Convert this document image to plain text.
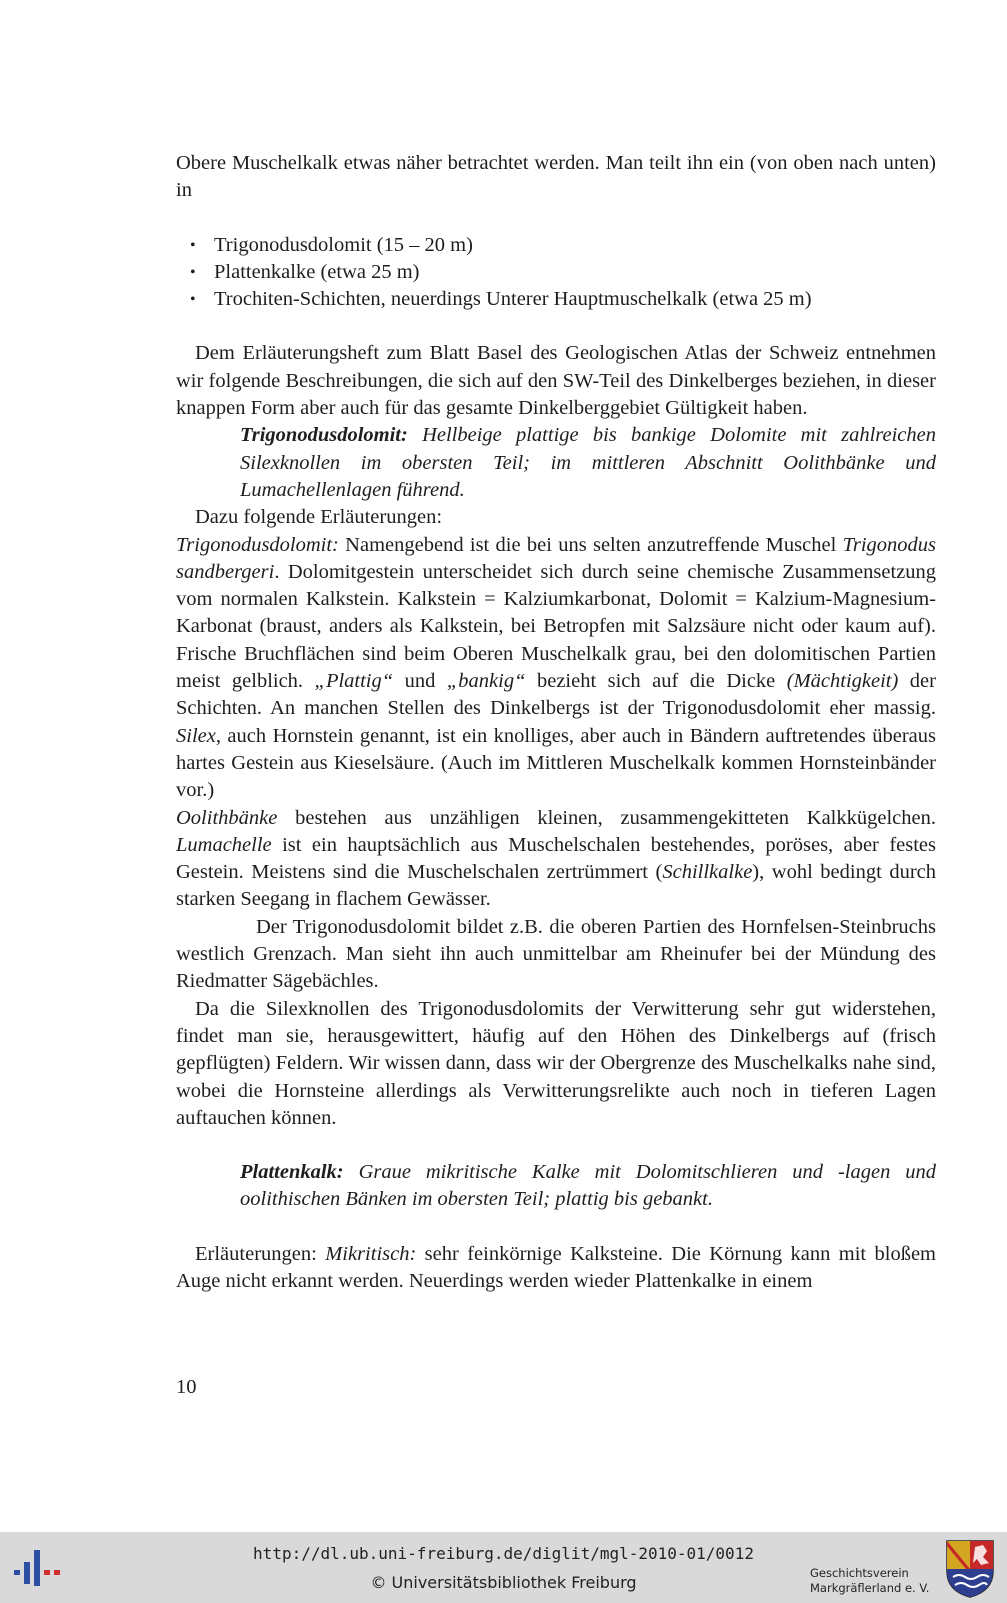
Obere Muschelkalk etwas näher betrachtet werden. Man teilt ihn ein (von oben nach unten) in

• Trigonodusdolomit (15 – 20 m)
• Plattenkalke (etwa 25 m)
• Trochiten-Schichten, neuerdings Unterer Hauptmuschelkalk (etwa 25 m)

Dem Erläuterungsheft zum Blatt Basel des Geologischen Atlas der Schweiz entnehmen wir folgende Beschreibungen, die sich auf den SW-Teil des Dinkelberges beziehen, in dieser knappen Form aber auch für das gesamte Dinkelberggebiet Gültigkeit haben.

Trigonodusdolomit: Hellbeige plattige bis bankige Dolomite mit zahlreichen Silexknollen im obersten Teil; im mittleren Abschnitt Oolithbänke und Lumachellenlagen führend.

Dazu folgende Erläuterungen:

Trigonodusdolomit: Namengebend ist die bei uns selten anzutreffende Muschel Trigonodus sandbergeri. Dolomitgestein unterscheidet sich durch seine chemische Zusammensetzung vom normalen Kalkstein. Kalkstein = Kalziumkarbonat, Dolomit = Kalzium-Magnesium-Karbonat (braust, anders als Kalkstein, bei Betropfen mit Salzsäure nicht oder kaum auf). Frische Bruchflächen sind beim Oberen Muschelkalk grau, bei den dolomitischen Partien meist gelblich. „Plattig“ und „bankig“ bezieht sich auf die Dicke (Mächtigkeit) der Schichten. An manchen Stellen des Dinkelbergs ist der Trigonodusdolomit eher massig. Silex, auch Hornstein genannt, ist ein knolliges, aber auch in Bändern auftretendes überaus hartes Gestein aus Kieselsäure. (Auch im Mittleren Muschelkalk kommen Hornsteinbänder vor.)

Oolithbänke bestehen aus unzähligen kleinen, zusammengekitteten Kalkkügelchen. Lumachelle ist ein hauptsächlich aus Muschelschalen bestehendes, poröses, aber festes Gestein. Meistens sind die Muschelschalen zertrümmert (Schillkalke), wohl bedingt durch starken Seegang in flachem Gewässer.

Der Trigonodusdolomit bildet z.B. die oberen Partien des Hornfelsen-Steinbruchs westlich Grenzach. Man sieht ihn auch unmittelbar am Rheinufer bei der Mündung des Riedmatter Sägebächles.

Da die Silexknollen des Trigonodusdolomits der Verwitterung sehr gut widerstehen, findet man sie, herausgewittert, häufig auf den Höhen des Dinkelbergs auf (frisch gepflügten) Feldern. Wir wissen dann, dass wir der Obergrenze des Muschelkalks nahe sind, wobei die Hornsteine allerdings als Verwitterungsrelikte auch noch in tieferen Lagen auftauchen können.

Plattenkalk: Graue mikritische Kalke mit Dolomitschlieren und -lagen und oolithischen Bänken im obersten Teil; plattig bis gebankt.

Erläuterungen: Mikritisch: sehr feinkörnige Kalksteine. Die Körnung kann mit bloßem Auge nicht erkannt werden. Neuerdings werden wieder Plattenkalke in einem

10
http://dl.ub.uni-freiburg.de/diglit/mgl-2010-01/0012
© Universitätsbibliothek Freiburg	Geschichtsverein
Markgräflerland e. V.
